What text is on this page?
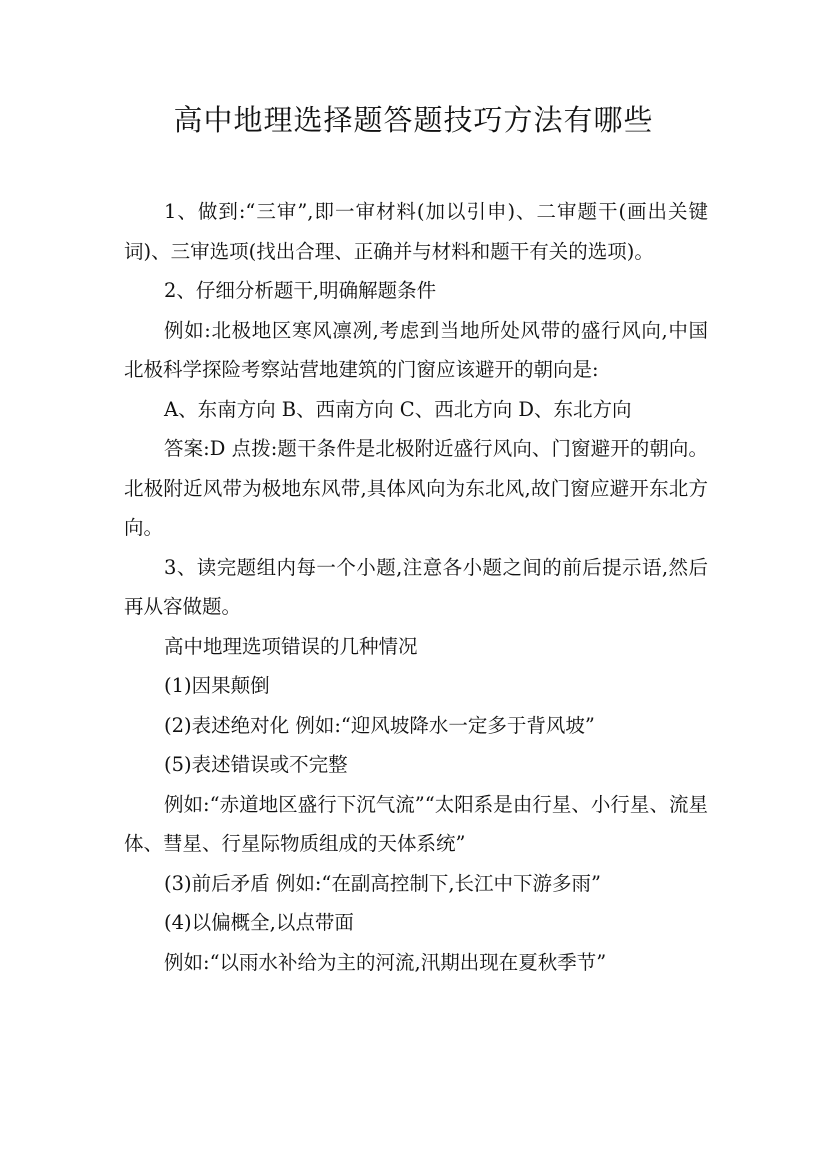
高中地理选择题答题技巧方法有哪些

1、做到:“三审”,即一审材料(加以引申)、二审题干(画出关键词)、三审选项(找出合理、正确并与材料和题干有关的选项)。

2、仔细分析题干,明确解题条件

例如:北极地区寒风凛冽,考虑到当地所处风带的盛行风向,中国北极科学探险考察站营地建筑的门窗应该避开的朝向是:

A、东南方向 B、西南方向 C、西北方向 D、东北方向

答案:D 点拨:题干条件是北极附近盛行风向、门窗避开的朝向。北极附近风带为极地东风带,具体风向为东北风,故门窗应避开东北方向。

3、读完题组内每一个小题,注意各小题之间的前后提示语,然后再从容做题。

高中地理选项错误的几种情况

(1)因果颠倒

(2)表述绝对化 例如:“迎风坡降水一定多于背风坡”

(5)表述错误或不完整

例如:“赤道地区盛行下沉气流”“太阳系是由行星、小行星、流星体、彗星、行星际物质组成的天体系统”

(3)前后矛盾 例如:“在副高控制下,长江中下游多雨”

(4)以偏概全,以点带面

例如:“以雨水补给为主的河流,汛期出现在夏秋季节”
